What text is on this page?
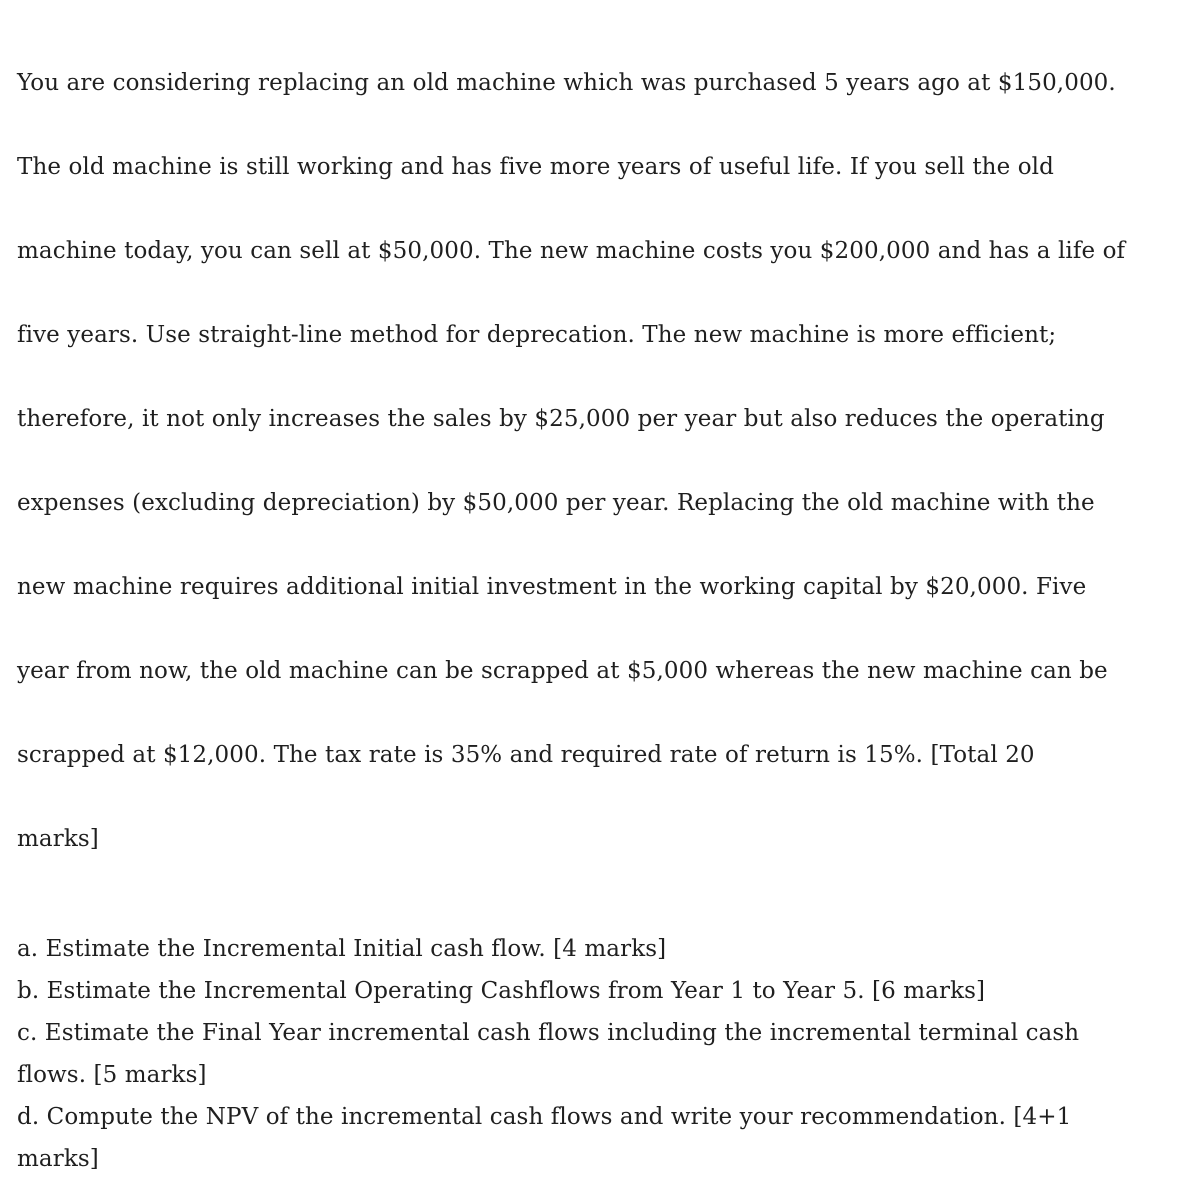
You are considering replacing an old machine which was purchased 5 years ago at $150,000.

The old machine is still working and has five more years of useful life. If you sell the old

machine today, you can sell at $50,000. The new machine costs you $200,000 and has a life of

five years. Use straight-line method for deprecation. The new machine is more efficient;

therefore, it not only increases the sales by $25,000 per year but also reduces the operating

expenses (excluding depreciation) by $50,000 per year. Replacing the old machine with the

new machine requires additional initial investment in the working capital by $20,000. Five

year from now, the old machine can be scrapped at $5,000 whereas the new machine can be

scrapped at $12,000. The tax rate is 35% and required rate of return is 15%. [Total 20

marks]

a. Estimate the Incremental Initial cash flow. [4 marks]
b. Estimate the Incremental Operating Cashflows from Year 1 to Year 5. [6 marks]
c. Estimate the Final Year incremental cash flows including the incremental terminal cash
flows. [5 marks]
d. Compute the NPV of the incremental cash flows and write your recommendation. [4+1
marks]
